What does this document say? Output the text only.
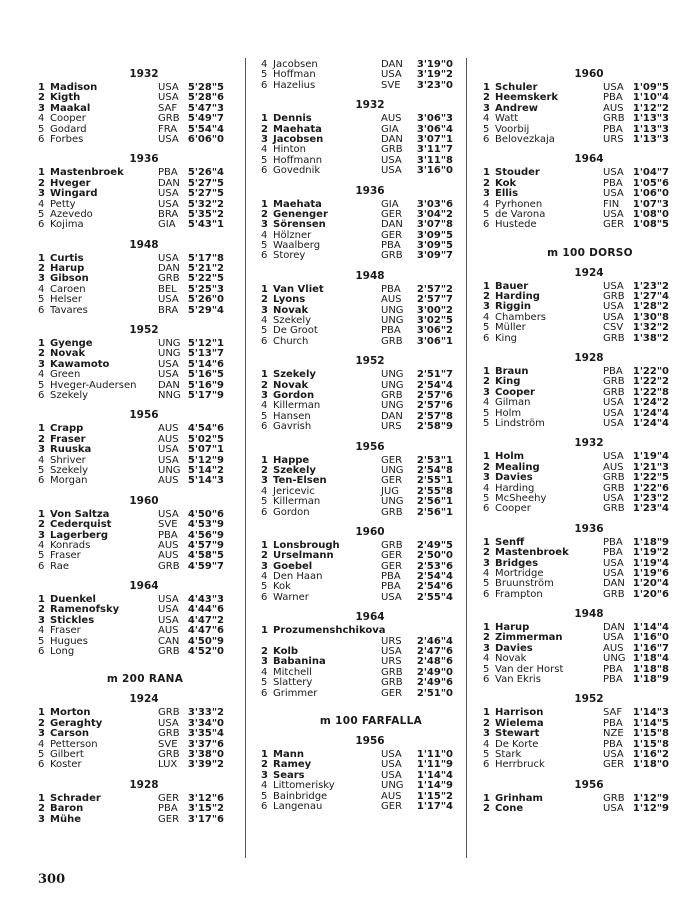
1932
1 Madison	USA 5'28"5
2 Kigth	USA 5'28"6
3 Maakal	SAF 5'47"3
4 Cooper	GRB 5'49"7
5 Godard	FRA 5'54"4
6 Forbes	USA 6'06"0
1936
1 Mastenbroek	PBA 5'26"4
2 Hveger	DAN 5'27"5
3 Wingard	USA 5'27"5
4 Petty	USA 5'32"2
5 Azevedo	BRA 5'35"2
6 Kojima	GIA 5'43"1
1948
1 Curtis	USA 5'17"8
2 Harup	DAN 5'21"2
3 Gibson	GRB 5'22"5
4 Caroen	BEL 5'25"3
5 Helser	USA 5'26"0
6 Tavares	BRA 5'29"4
1952
1 Gyenge	UNG 5'12"1
2 Novak	UNG 5'13"7
3 Kawamoto	USA 5'14"6
4 Green	USA 5'16"5
5 Hveger-Audersen DAN 5'16"9
6 Szekely	NNG 5'17"9
1956
1 Crapp	AUS 4'54"6
2 Fraser	AUS 5'02"5
3 Ruuska	USA 5'07"1
4 Shriver	USA 5'12"9
5 Szekely	UNG 5'14"2
6 Morgan	AUS 5'14"3
1960
1 Von Saltza	USA 4'50"6
2 Cederquist	SVE 4'53"9
3 Lagerberg	PBA 4'56"9
4 Konrads	AUS 4'57"9
5 Fraser	AUS 4'58"5
6 Rae	GRB 4'59"7
1964
1 Duenkel	USA 4'43"3
2 Ramenofsky	USA 4'44"6
3 Stickles	USA 4'47"2
4 Fraser	AUS 4'47"6
5 Hugues	CAN 4'50"9
6 Long	GRB 4'52"0
m 200 RANA
1924
1 Morton	GRB 3'33"2
2 Geraghty	USA 3'34"0
3 Carson	GRB 3'35"4
4 Petterson	SVE 3'37"6
5 Gilbert	GRB 3'38"0
6 Koster	LUX 3'39"2
1928
1 Schrader	GER 3'12"6
2 Baron	PBA 3'15"2
3 Mühe	GER 3'17"6
4 Jacobsen	DAN 3'19"0
5 Hoffman	USA 3'19"2
6 Hazelius	SVE 3'23"0
1932
1 Dennis	AUS 3'06"3
2 Maehata	GIA 3'06"4
3 Jacobsen	DAN 3'07"1
4 Hinton	GRB 3'11"7
5 Hoffmann	USA 3'11"8
6 Govednik	USA 3'16"0
1936
1 Maehata	GIA 3'03"6
2 Genenger	GER 3'04"2
3 Sörensen	DAN 3'07"8
4 Hölzner	GER 3'09"5
5 Waalberg	PBA 3'09"5
6 Storey	GRB 3'09"7
1948
1 Van Vliet	PBA 2'57"2
2 Lyons	AUS 2'57"7
3 Novak	UNG 3'00"2
4 Szekely	UNG 3'02"5
5 De Groot	PBA 3'06"2
6 Church	GRB 3'06"1
1952
1 Szekely	UNG 2'51"7
2 Novak	UNG 2'54"4
3 Gordon	GRB 2'57"6
4 Killerman	UNG 2'57"6
5 Hansen	DAN 2'57"8
6 Gavrish	URS 2'58"9
1956
1 Happe	GER 2'53"1
2 Szekely	UNG 2'54"8
3 Ten-Elsen	GER 2'55"1
4 Jericevic	JUG 2'55"8
5 Killerman	UNG 2'56"1
6 Gordon	GRB 2'56"1
1960
1 Lonsbrough	GRB 2'49"5
2 Urselmann	GER 2'50"0
3 Goebel	GER 2'53"6
4 Den Haan	PBA 2'54"4
5 Kok	PBA 2'54"6
6 Warner	USA 2'55"4
1964
1 Prozumenshchikova
URS 2'46"4
2 Kolb	USA 2'47"6
3 Babanina	URS 2'48"6
4 Mitchell	GRB 2'49"0
5 Slattery	GRB 2'49"6
6 Grimmer	GER 2'51"0
m 100 FARFALLA
1956
1 Mann	USA 1'11"0
2 Ramey	USA 1'11"9
3 Sears	USA 1'14"4
4 Littomerisky	UNG 1'14"9
5 Bainbridge	AUS 1'15"2
6 Langenau	GER 1'17"4
1960
1 Schuler	USA 1'09"5
2 Heemskerk	PBA 1'10"4
3 Andrew	AUS 1'12"2
4 Watt	GRB 1'13"3
5 Voorbij	PBA 1'13"3
6 Belovezkaja	URS 1'13"3
1964
1 Stouder	USA 1'04"7
2 Kok	PBA 1'05"6
3 Ellis	USA 1'06"0
4 Pyrhonen	FIN 1'07"3
5 de Varona	USA 1'08"0
6 Hustede	GER 1'08"5
m 100 DORSO
1924
1 Bauer	USA 1'23"2
2 Harding	GRB 1'27"4
3 Riggin	USA 1'28"2
4 Chambers	USA 1'30"8
5 Müller	CSV 1'32"2
6 King	GRB 1'38"2
1928
1 Braun	PBA 1'22"0
2 King	GRB 1'22"2
3 Cooper	GRB 1'22"8
4 Gilman	USA 1'24"2
5 Holm	USA 1'24"4
5 Lindström	USA 1'24"4
1932
1 Holm	USA 1'19"4
2 Mealing	AUS 1'21"3
3 Davies	GRB 1'22"5
4 Harding	GRB 1'22"6
5 McSheehy	USA 1'23"2
6 Cooper	GRB 1'23"4
1936
1 Senff	PBA 1'18"9
2 Mastenbroek	PBA 1'19"2
3 Bridges	USA 1'19"4
4 Mortridge	USA 1'19"6
5 Bruunström	DAN 1'20"4
6 Frampton	GRB 1'20"6
1948
1 Harup	DAN 1'14"4
2 Zimmerman	USA 1'16"0
3 Davies	AUS 1'16"7
4 Novak	UNG 1'18"4
5 Van der Horst	PBA 1'18"8
6 Van Ekris	PBA 1'18"9
1952
1 Harrison	SAF 1'14"3
2 Wielema	PBA 1'14"5
3 Stewart	NZE 1'15"8
4 De Korte	PBA 1'15"8
5 Stark	USA 1'16"2
6 Herrbruck	GER 1'18"0
1956
1 Grinham	GRB 1'12"9
2 Cone	USA 1'12"9
300
